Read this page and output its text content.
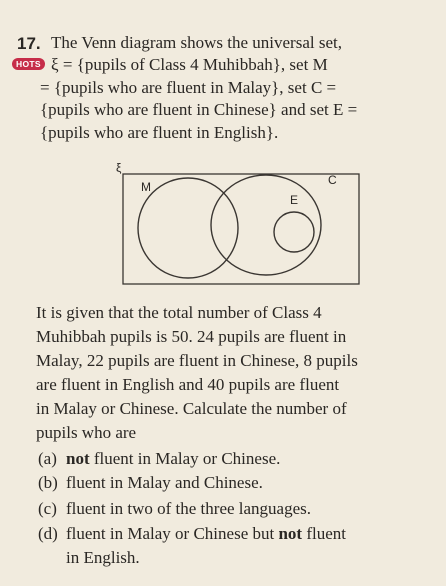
17.
HOTS
The Venn diagram shows the universal set,
ξ = {pupils of Class 4 Muhibbah}, set M
= {pupils who are fluent in Malay}, set C =
{pupils who are fluent in Chinese} and set E =
{pupils who are fluent in English}.
ξ
M	C
E
It is given that the total number of Class 4
Muhibbah pupils is 50. 24 pupils are fluent in
Malay, 22 pupils are fluent in Chinese, 8 pupils
are fluent in English and 40 pupils are fluent
in Malay or Chinese. Calculate the number of
pupils who are
(a) not fluent in Malay or Chinese.
(b) fluent in Malay and Chinese.
(c) fluent in two of the three languages.
(d) fluent in Malay or Chinese but not fluent
in English.
